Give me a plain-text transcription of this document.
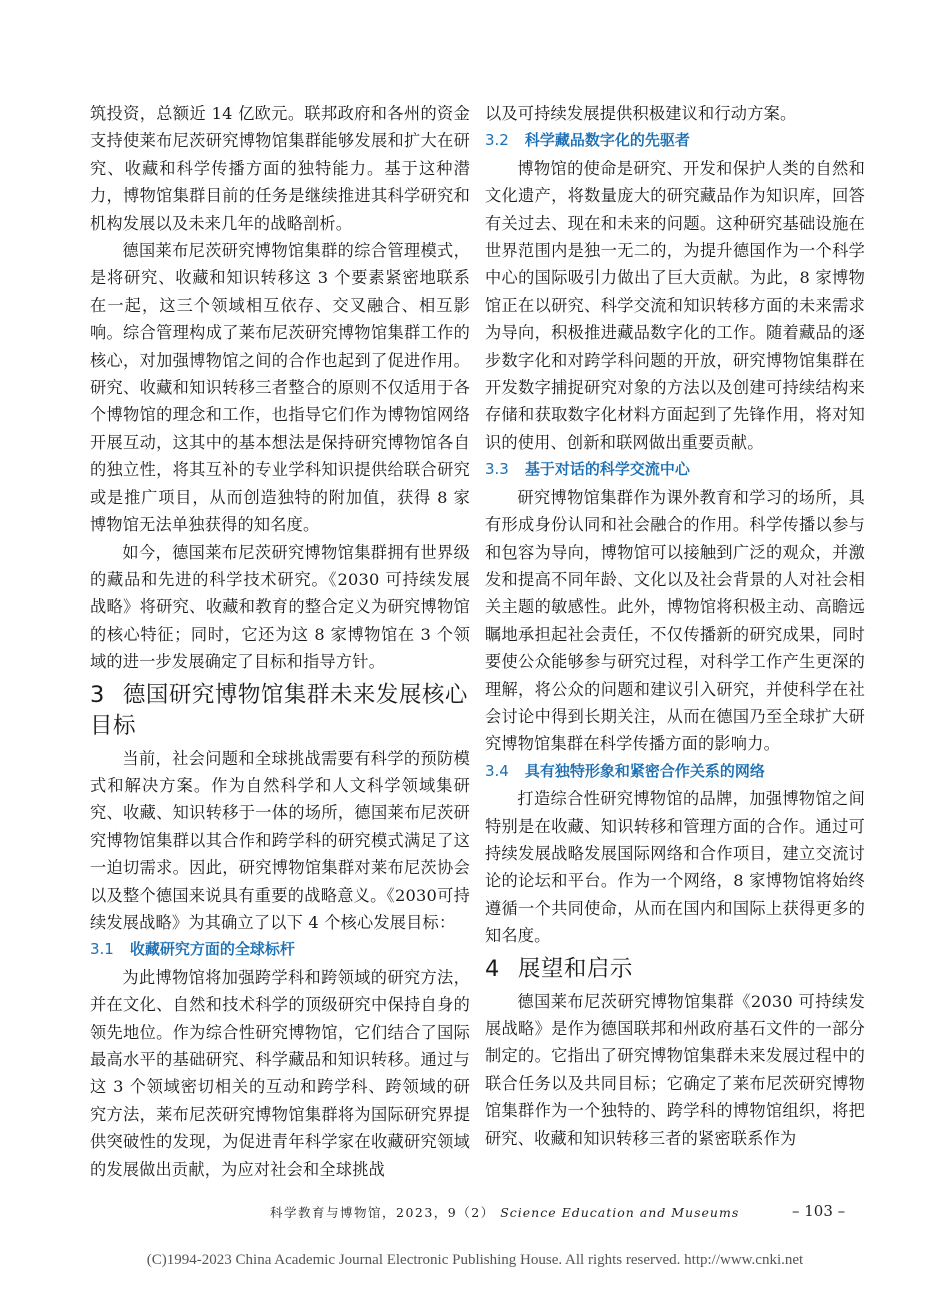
筑投资，总额近 14 亿欧元。联邦政府和各州的资金支持使莱布尼茨研究博物馆集群能够发展和扩大在研究、收藏和科学传播方面的独特能力。基于这种潜力，博物馆集群目前的任务是继续推进其科学研究和机构发展以及未来几年的战略剖析。

德国莱布尼茨研究博物馆集群的综合管理模式，是将研究、收藏和知识转移这 3 个要素紧密地联系在一起，这三个领域相互依存、交叉融合、相互影响。综合管理构成了莱布尼茨研究博物馆集群工作的核心，对加强博物馆之间的合作也起到了促进作用。研究、收藏和知识转移三者整合的原则不仅适用于各个博物馆的理念和工作，也指导它们作为博物馆网络开展互动，这其中的基本想法是保持研究博物馆各自的独立性，将其互补的专业学科知识提供给联合研究或是推广项目，从而创造独特的附加值，获得 8 家博物馆无法单独获得的知名度。

如今，德国莱布尼茨研究博物馆集群拥有世界级的藏品和先进的科学技术研究。《2030 可持续发展战略》将研究、收藏和教育的整合定义为研究博物馆的核心特征；同时，它还为这 8 家博物馆在 3 个领域的进一步发展确定了目标和指导方针。

3 德国研究博物馆集群未来发展核心目标

当前，社会问题和全球挑战需要有科学的预防模式和解决方案。作为自然科学和人文科学领域集研究、收藏、知识转移于一体的场所，德国莱布尼茨研究博物馆集群以其合作和跨学科的研究模式满足了这一迫切需求。因此，研究博物馆集群对莱布尼茨协会以及整个德国来说具有重要的战略意义。《2030可持续发展战略》为其确立了以下 4 个核心发展目标：

3.1 收藏研究方面的全球标杆

为此博物馆将加强跨学科和跨领域的研究方法，并在文化、自然和技术科学的顶级研究中保持自身的领先地位。作为综合性研究博物馆，它们结合了国际最高水平的基础研究、科学藏品和知识转移。通过与这 3 个领域密切相关的互动和跨学科、跨领域的研究方法，莱布尼茨研究博物馆集群将为国际研究界提供突破性的发现，为促进青年科学家在收藏研究领域的发展做出贡献，为应对社会和全球挑战

以及可持续发展提供积极建议和行动方案。

3.2 科学藏品数字化的先驱者

博物馆的使命是研究、开发和保护人类的自然和文化遗产，将数量庞大的研究藏品作为知识库，回答有关过去、现在和未来的问题。这种研究基础设施在世界范围内是独一无二的，为提升德国作为一个科学中心的国际吸引力做出了巨大贡献。为此，8 家博物馆正在以研究、科学交流和知识转移方面的未来需求为导向，积极推进藏品数字化的工作。随着藏品的逐步数字化和对跨学科问题的开放，研究博物馆集群在开发数字捕捉研究对象的方法以及创建可持续结构来存储和获取数字化材料方面起到了先锋作用，将对知识的使用、创新和联网做出重要贡献。

3.3 基于对话的科学交流中心

研究博物馆集群作为课外教育和学习的场所，具有形成身份认同和社会融合的作用。科学传播以参与和包容为导向，博物馆可以接触到广泛的观众，并激发和提高不同年龄、文化以及社会背景的人对社会相关主题的敏感性。此外，博物馆将积极主动、高瞻远瞩地承担起社会责任，不仅传播新的研究成果，同时要使公众能够参与研究过程，对科学工作产生更深的理解，将公众的问题和建议引入研究，并使科学在社会讨论中得到长期关注，从而在德国乃至全球扩大研究博物馆集群在科学传播方面的影响力。

3.4 具有独特形象和紧密合作关系的网络

打造综合性研究博物馆的品牌，加强博物馆之间特别是在收藏、知识转移和管理方面的合作。通过可持续发展战略发展国际网络和合作项目，建立交流讨论的论坛和平台。作为一个网络，8 家博物馆将始终遵循一个共同使命，从而在国内和国际上获得更多的知名度。

4 展望和启示

德国莱布尼茨研究博物馆集群《2030 可持续发展战略》是作为德国联邦和州政府基石文件的一部分制定的。它指出了研究博物馆集群未来发展过程中的联合任务以及共同目标；它确定了莱布尼茨研究博物馆集群作为一个独特的、跨学科的博物馆组织，将把研究、收藏和知识转移三者的紧密联系作为

科学教育与博物馆，2023，9（2） Science Education and Museums	– 103 –
(C)1994-2023 China Academic Journal Electronic Publishing House. All rights reserved. http://www.cnki.net
